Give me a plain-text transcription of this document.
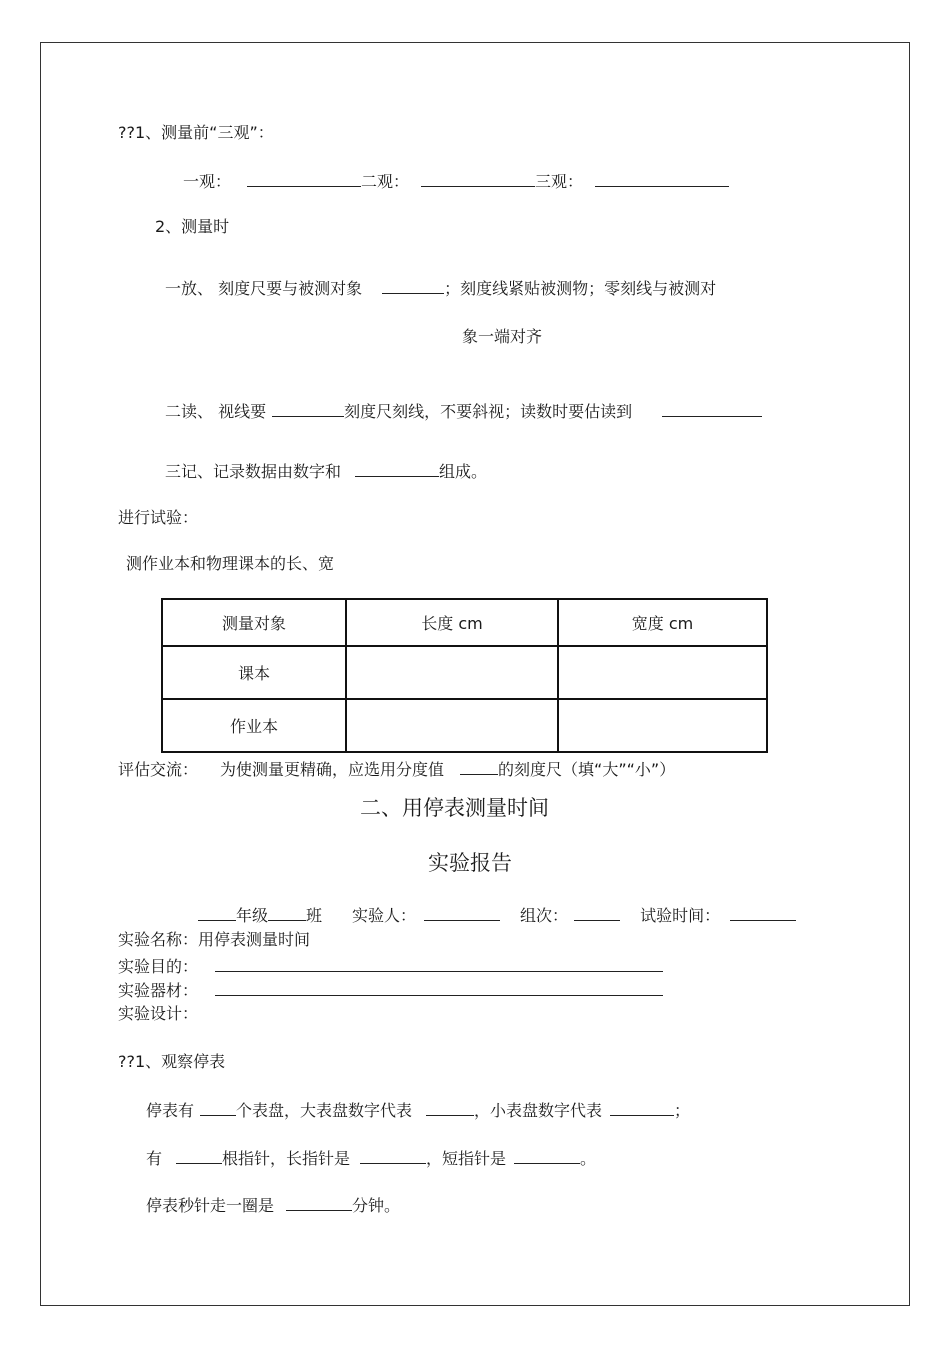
??1、测量前“三观”：
一观：	二观：	三观：
2、测量时
一放、 刻度尺要与被测对象	；刻度线紧贴被测物；零刻线与被测对
象一端对齐
二读、 视线要	刻度尺刻线，不要斜视；读数时要估读到
三记、记录数据由数字和	组成。
进行试验：
测作业本和物理课本的长、宽
测量对象	长度 cm	宽度 cm
课本		
作业本		
评估交流： 为使测量更精确，应选用分度值	的刻度尺（填“大”“小”）
二、用停表测量时间
实验报告
年级 班 实验人：	组次：	试验时间：
实验名称：用停表测量时间
实验目的：
实验器材：
实验设计：
??1、观察停表
停表有	个表盘，大表盘数字代表	，小表盘数字代表	；
有	根指针，长指针是	，短指针是	。
停表秒针走一圈是	分钟。
